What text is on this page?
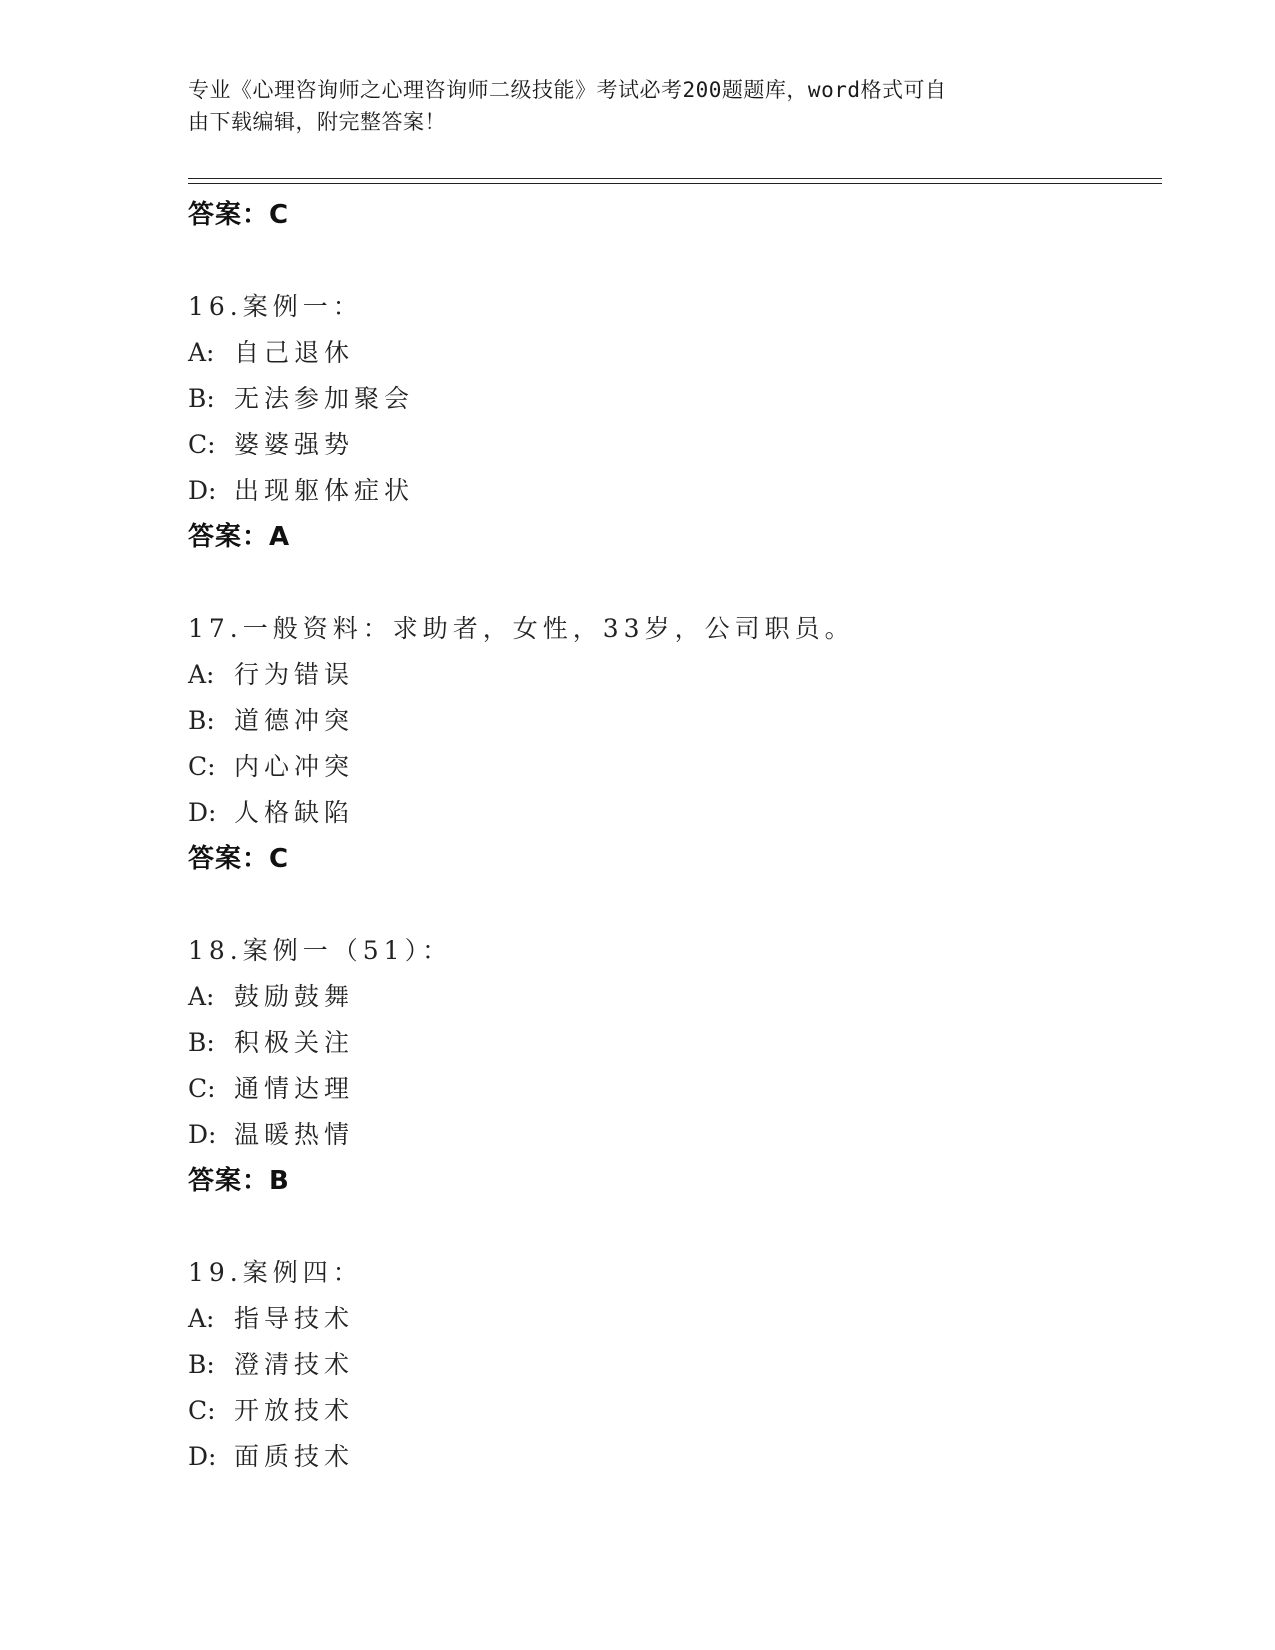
专业《心理咨询师之心理咨询师二级技能》考试必考200题题库，word格式可自
由下载编辑，附完整答案！
答案：C
16.案例一：
A: 自己退休
B: 无法参加聚会
C: 婆婆强势
D: 出现躯体症状
答案：A
17.一般资料：求助者，女性，33岁，公司职员。
A: 行为错误
B: 道德冲突
C: 内心冲突
D: 人格缺陷
答案：C
18.案例一（51）：
A: 鼓励鼓舞
B: 积极关注
C: 通情达理
D: 温暖热情
答案：B
19.案例四：
A: 指导技术
B: 澄清技术
C: 开放技术
D: 面质技术
